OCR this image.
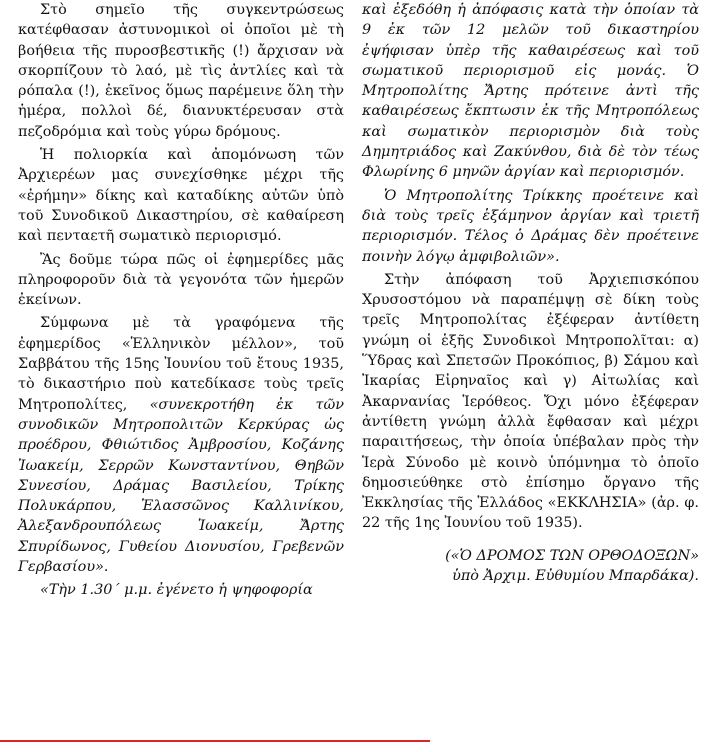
Στὸ σημεῖο τῆς συγκεντρώσεως κατέφθασαν ἀστυνομικοὶ οἱ ὁποῖοι μὲ τὴ βοήθεια τῆς πυροσβεστικῆς (!) ἄρχισαν νὰ σκορπίζουν τὸ λαό, μὲ τὶς ἀντλίες καὶ τὰ ρόπαλα (!), ἐκεῖνος ὅμως παρέμεινε ὅλη τὴν ἡμέρα, πολλοὶ δέ, διανυκτέρευσαν στὰ πεζοδρόμια καὶ τοὺς γύρω δρόμους.

Ἡ πολιορκία καὶ ἀπομόνωση τῶν Ἀρχιερέων μας συνεχίσθηκε μέχρι τῆς «ἐρήμην» δίκης καὶ καταδίκης αὐτῶν ὑπὸ τοῦ Συνοδικοῦ Δικαστηρίου, σὲ καθαίρεση καὶ πενταετῆ σωματικὸ περιορισμό.

Ἂς δοῦμε τώρα πῶς οἱ ἐφημερίδες μᾶς πληροφοροῦν διὰ τὰ γεγονότα τῶν ἡμερῶν ἐκείνων.

Σύμφωνα μὲ τὰ γραφόμενα τῆς ἐφημερίδος «Ἑλληνικὸν μέλλον», τοῦ Σαββάτου τῆς 15ης Ἰουνίου τοῦ ἔτους 1935, τὸ δικαστήριο ποὺ κατεδίκασε τοὺς τρεῖς Μητροπολίτες, «συνεκροτήθη ἐκ τῶν συνοδικῶν Μητροπολιτῶν Κερκύρας ὡς προέδρου, Φθιώτιδος Ἀμβροσίου, Κοζάνης Ἰωακείμ, Σερρῶν Κωνσταντίνου, Θηβῶν Συνεσίου, Δράμας Βασιλείου, Τρίκης Πολυκάρπου, Ἐλασσῶνος Καλλινίκου, Ἀλεξανδρουπόλεως Ἰωακείμ, Ἄρτης Σπυρίδωνος, Γυθείου Διονυσίου, Γρεβενῶν Γερβασίου».

«Τὴν 1.30΄ μ.μ. ἐγένετο ἡ ψηφοφορία

καὶ ἐξεδόθη ἡ ἀπόφασις κατὰ τὴν ὁποίαν τὰ 9 ἐκ τῶν 12 μελῶν τοῦ δικαστηρίου ἐψήφισαν ὑπὲρ τῆς καθαιρέσεως καὶ τοῦ σωματικοῦ περιορισμοῦ εἰς μονάς. Ὁ Μητροπολίτης Ἄρτης πρότεινε ἀντὶ τῆς καθαιρέσεως ἔκπτωσιν ἐκ τῆς Μητροπόλεως καὶ σωματικὸν περιορισμὸν διὰ τοὺς Δημητριάδος καὶ Ζακύνθου, διὰ δὲ τὸν τέως Φλωρίνης 6 μηνῶν ἀργίαν καὶ περιορισμόν.

Ὁ Μητροπολίτης Τρίκκης προέτεινε καὶ διὰ τοὺς τρεῖς ἑξάμηνον ἀργίαν καὶ τριετῆ περιορισμόν. Τέλος ὁ Δράμας δὲν προέτεινε ποινὴν λόγῳ ἀμφιβολιῶν».

Στὴν ἀπόφαση τοῦ Ἀρχιεπισκόπου Χρυσοστόμου νὰ παραπέμψῃ σὲ δίκη τοὺς τρεῖς Μητροπολίτας ἐξέφεραν ἀντίθετη γνώμη οἱ ἑξῆς Συνοδικοὶ Μητροπολῖται: α) Ὕδρας καὶ Σπετσῶν Προκόπιος, β) Σάμου καὶ Ἰκαρίας Εἰρηναῖος καὶ γ) Αἰτωλίας καὶ Ἀκαρνανίας Ἱερόθεος. Ὄχι μόνο ἐξέφεραν ἀντίθετη γνώμη ἀλλὰ ἔφθασαν καὶ μέχρι παραιτήσεως, τὴν ὁποία ὑπέβαλαν πρὸς τὴν Ἱερὰ Σύνοδο μὲ κοινὸ ὑπόμνημα τὸ ὁποῖο δημοσιεύθηκε στὸ ἐπίσημο ὄργανο τῆς Ἐκκλησίας τῆς Ἑλλάδος «ΕΚΚΛΗΣΙΑ» (ἀρ. φ. 22 τῆς 1ης Ἰουνίου τοῦ 1935).

(«Ὁ ΔΡΟΜΟΣ ΤΩΝ ΟΡΘΟΔΟΞΩΝ»
ὑπὸ Ἀρχιμ. Εὐθυμίου Μπαρδάκα).
